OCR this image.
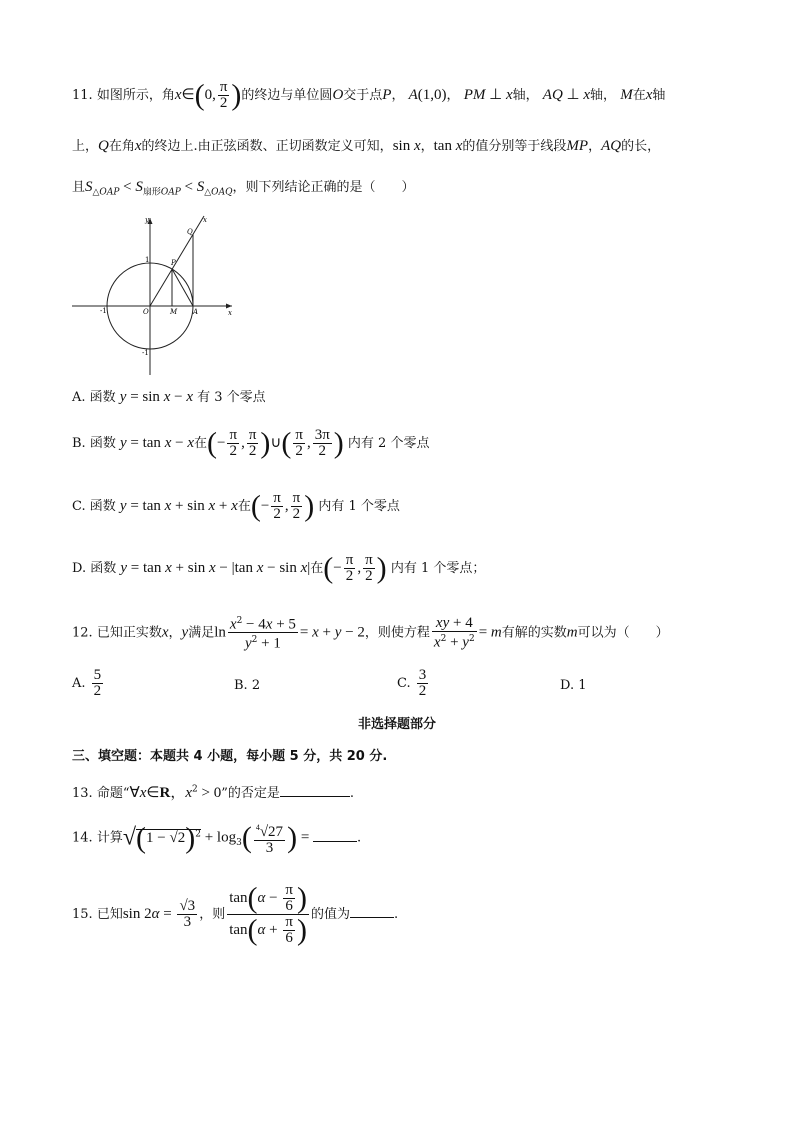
11. 如图所示，角x∈(0, $\frac{\pi}{2}$ )的终边与单位圆O交于点P， A(1,0)， PM ⊥ x轴， AQ ⊥ x轴， M在x轴
上，Q在角x的终边上.由正弦函数、正切函数定义可知，sin x，tan x的值分别等于线段MP，AQ的长，
且$S_{\triangle OAP} < S_{扇形OAP} < S_{\triangle OAQ}$，则下列结论正确的是（　　）
y
x
x
1
-1
-1
O	M A
P
Q
A. 函数 y = sin x − x 有 3 个零点
B. 函数 y = tan x − x在(− $\frac{\pi}{2}$ , $\frac{\pi}{2}$ )∪( $\frac{\pi}{2}$ , $\frac{3\pi}{2}$ ) 内有 2 个零点
C. 函数 y = tan x + sin x + x在(− $\frac{\pi}{2}$ , $\frac{\pi}{2}$ ) 内有 1 个零点
D. 函数 y = tan x + sin x − |tan x − sin x|在(− $\frac{\pi}{2}$ , $\frac{\pi}{2}$ ) 内有 1 个零点；
12. 已知正实数x，y满足$\ln \frac{x^2 - 4x + 5}{y^2 + 1} = x + y - 2$，则使方程 $\frac{xy + 4}{x^2 + y^2} = m$有解的实数m可以为（　　）
A. $\frac{5}{2}$	B. 2	C. $\frac{3}{2}$	D. 1
非选择题部分
三、填空题：本题共 4 小题，每小题 5 分，共 20 分.
13. 命题“∀x∈R，$x^2 > 0$”的否定是	.
14. 计算$√(1 - √2)^2 + \log_3( \frac{^4√27}{3}$ ) =	.
15. 已知$\sin 2\alpha = \frac{√3}{3}$ ，则 $\frac{\tan(\alpha - \frac{\pi}{6} )}{\tan(\alpha + \frac{\pi}{6} )}$ 的值为	.
